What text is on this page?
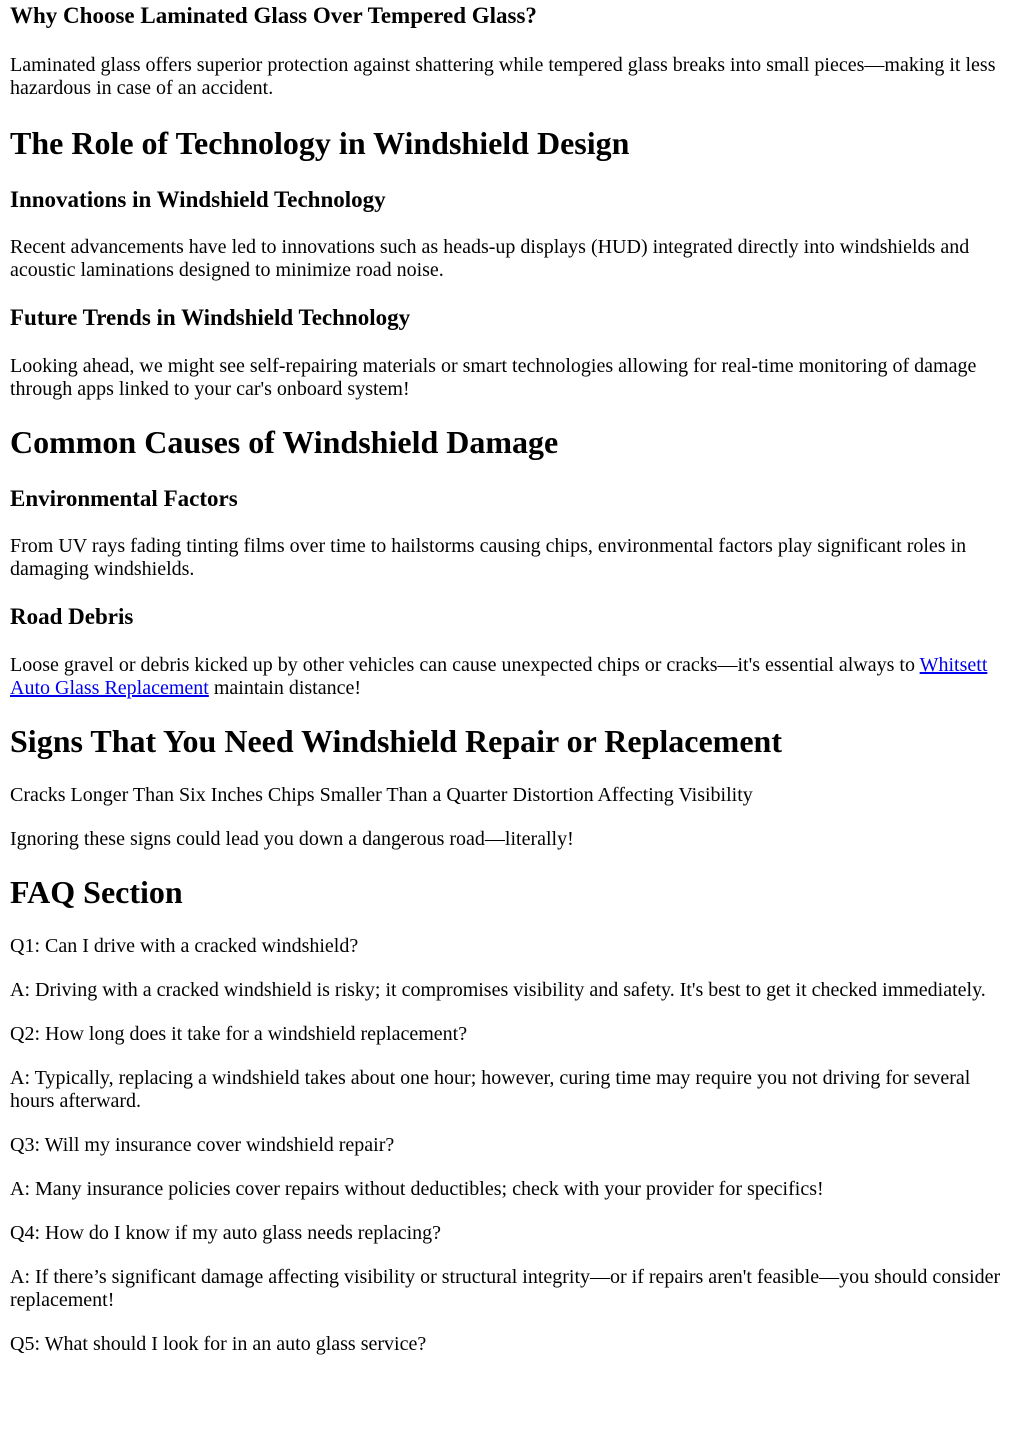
Why Choose Laminated Glass Over Tempered Glass?

Laminated glass offers superior protection against shattering while tempered glass breaks into small pieces—making it less hazardous in case of an accident.

The Role of Technology in Windshield Design
Innovations in Windshield Technology

Recent advancements have led to innovations such as heads-up displays (HUD) integrated directly into windshields and acoustic laminations designed to minimize road noise.

Future Trends in Windshield Technology

Looking ahead, we might see self-repairing materials or smart technologies allowing for real-time monitoring of damage through apps linked to your car's onboard system!

Common Causes of Windshield Damage
Environmental Factors

From UV rays fading tinting films over time to hailstorms causing chips, environmental factors play significant roles in damaging windshields.

Road Debris

Loose gravel or debris kicked up by other vehicles can cause unexpected chips or cracks—it's essential always to Whitsett Auto Glass Replacement maintain distance!

Signs That You Need Windshield Repair or Replacement

Cracks Longer Than Six Inches Chips Smaller Than a Quarter Distortion Affecting Visibility

Ignoring these signs could lead you down a dangerous road—literally!

FAQ Section

Q1: Can I drive with a cracked windshield?

A: Driving with a cracked windshield is risky; it compromises visibility and safety. It's best to get it checked immediately.

Q2: How long does it take for a windshield replacement?

A: Typically, replacing a windshield takes about one hour; however, curing time may require you not driving for several hours afterward.

Q3: Will my insurance cover windshield repair?

A: Many insurance policies cover repairs without deductibles; check with your provider for specifics!

Q4: How do I know if my auto glass needs replacing?

A: If there’s significant damage affecting visibility or structural integrity—or if repairs aren't feasible—you should consider replacement!

Q5: What should I look for in an auto glass service?
